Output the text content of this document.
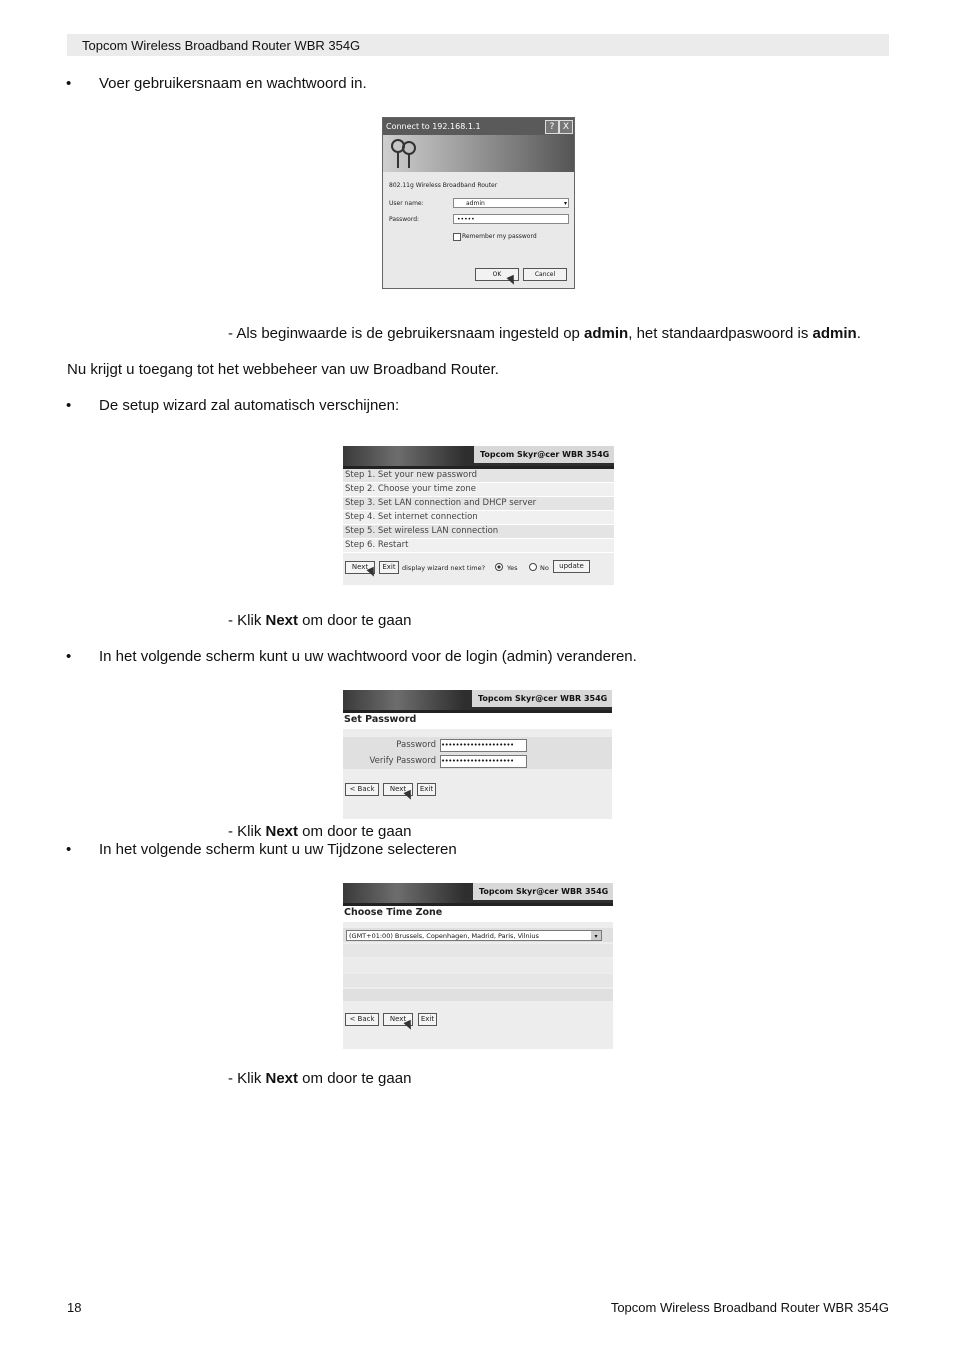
Topcom Wireless Broadband Router WBR 354G
• Voer gebruikersnaam en wachtwoord in.
Connect to 192.168.1.1	? X
802.11g Wireless Broadband Router
User name:	admin	▾
Password:	•••••
Remember my password
OK	Cancel
- Als beginwaarde is de gebruikersnaam ingesteld op admin, het standaardpaswoord is admin.
Nu krijgt u toegang tot het webbeheer van uw Broadband Router.
• De setup wizard zal automatisch verschijnen:
Topcom Skyr@cer WBR 354G
Step 1. Set your new password
Step 2. Choose your time zone
Step 3. Set LAN connection and DHCP server
Step 4. Set internet connection
Step 5. Set wireless LAN connection
Step 6. Restart
Next	Exit display wizard next time?	Yes	No	update
- Klik Next om door te gaan
• In het volgende scherm kunt u uw wachtwoord voor de login (admin) veranderen.
Topcom Skyr@cer WBR 354G
Set Password
Password ••••••••••••••••••••
Verify Password ••••••••••••••••••••
< Back	Next	Exit
- Klik Next om door te gaan
• In het volgende scherm kunt u uw Tijdzone selecteren
Topcom Skyr@cer WBR 354G
Choose Time Zone
(GMT+01:00) Brussels, Copenhagen, Madrid, Paris, Vilnius	▾
< Back	Next	Exit
- Klik Next om door te gaan
18	Topcom Wireless Broadband Router WBR 354G
